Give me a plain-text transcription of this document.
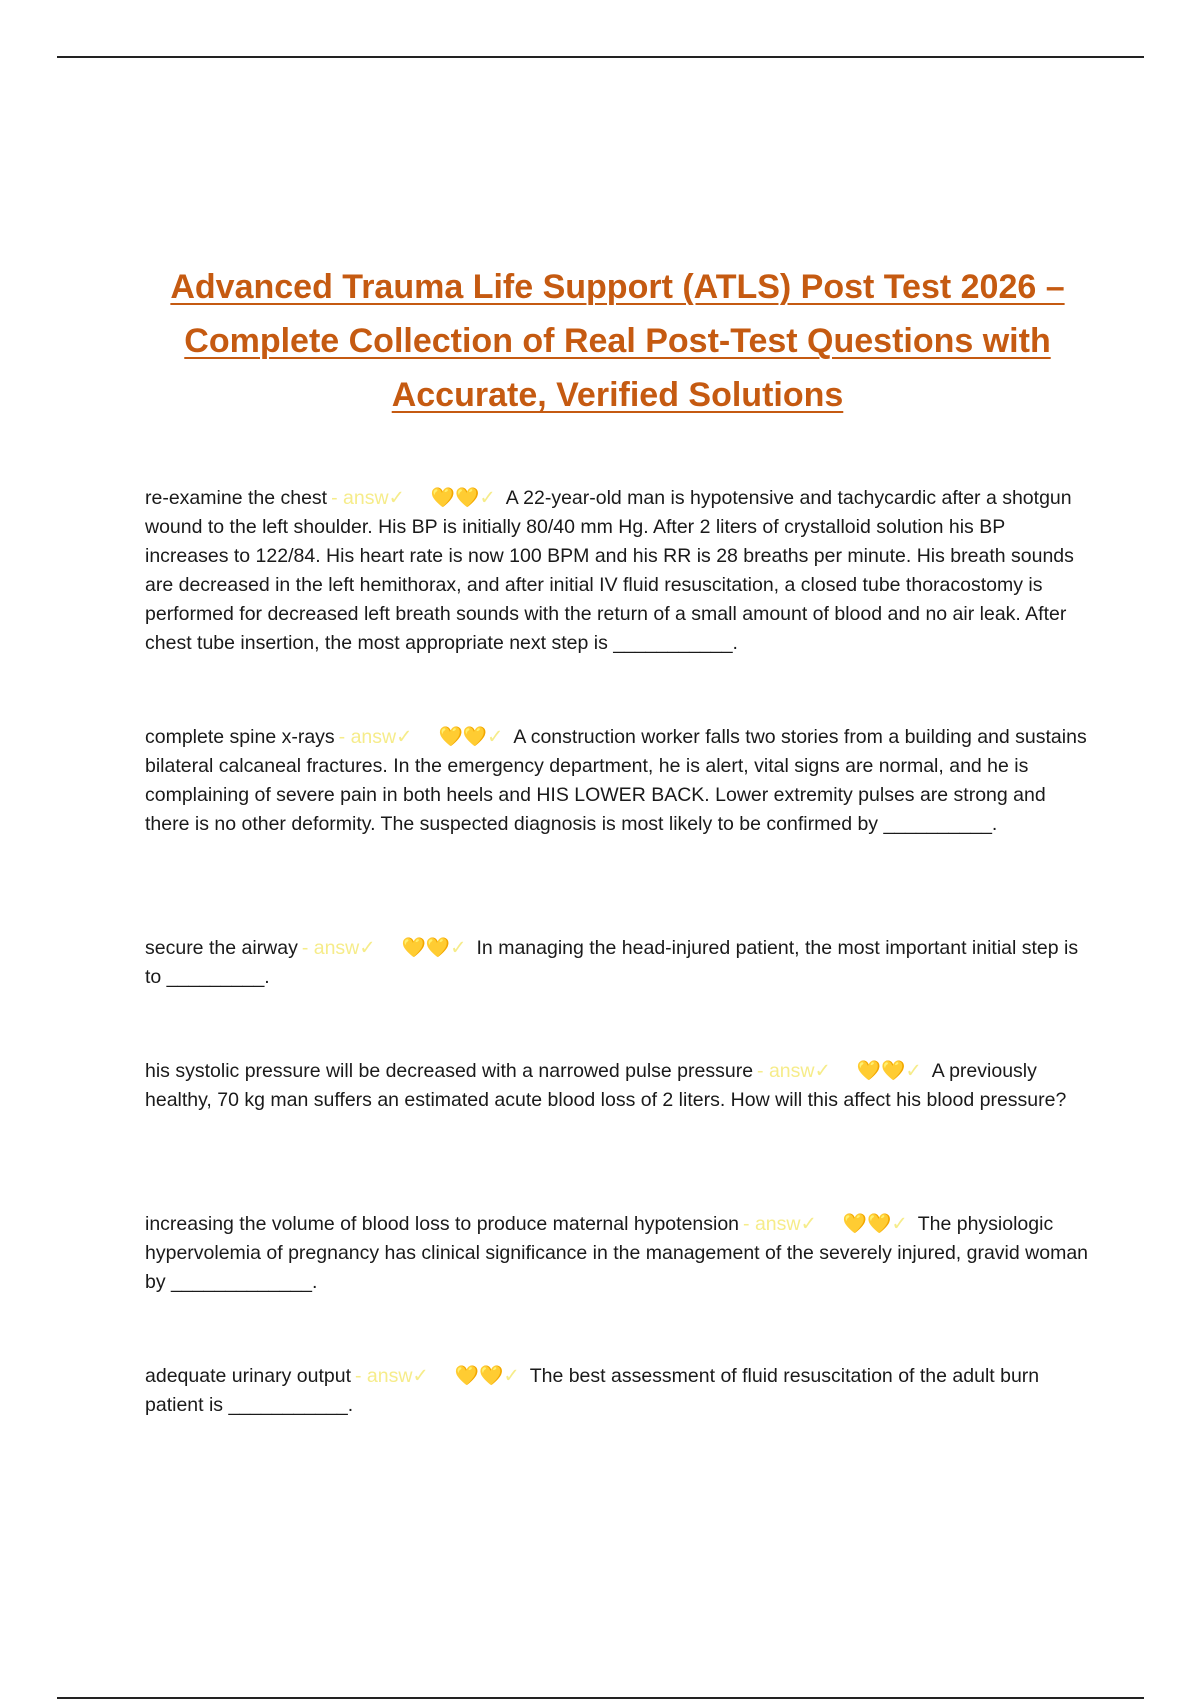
Advanced Trauma Life Support (ATLS) Post Test 2026 –
Complete Collection of Real Post-Test Questions with
Accurate, Verified Solutions
re-examine the chest - answ✓ 💛💛✓ A 22-year-old man is hypotensive and tachycardic after a shotgun wound to the left shoulder. His BP is initially 80/40 mm Hg. After 2 liters of crystalloid solution his BP increases to 122/84. His heart rate is now 100 BPM and his RR is 28 breaths per minute. His breath sounds are decreased in the left hemithorax, and after initial IV fluid resuscitation, a closed tube thoracostomy is performed for decreased left breath sounds with the return of a small amount of blood and no air leak. After chest tube insertion, the most appropriate next step is ___________.
complete spine x-rays - answ✓ 💛💛✓ A construction worker falls two stories from a building and sustains bilateral calcaneal fractures. In the emergency department, he is alert, vital signs are normal, and he is complaining of severe pain in both heels and HIS LOWER BACK. Lower extremity pulses are strong and there is no other deformity. The suspected diagnosis is most likely to be confirmed by __________.
secure the airway - answ✓ 💛💛✓ In managing the head-injured patient, the most important initial step is to _________.
his systolic pressure will be decreased with a narrowed pulse pressure - answ✓ 💛💛✓ A previously healthy, 70 kg man suffers an estimated acute blood loss of 2 liters. How will this affect his blood pressure?
increasing the volume of blood loss to produce maternal hypotension - answ✓ 💛💛✓ The physiologic hypervolemia of pregnancy has clinical significance in the management of the severely injured, gravid woman by _____________.
adequate urinary output - answ✓ 💛💛✓ The best assessment of fluid resuscitation of the adult burn patient is ___________.
